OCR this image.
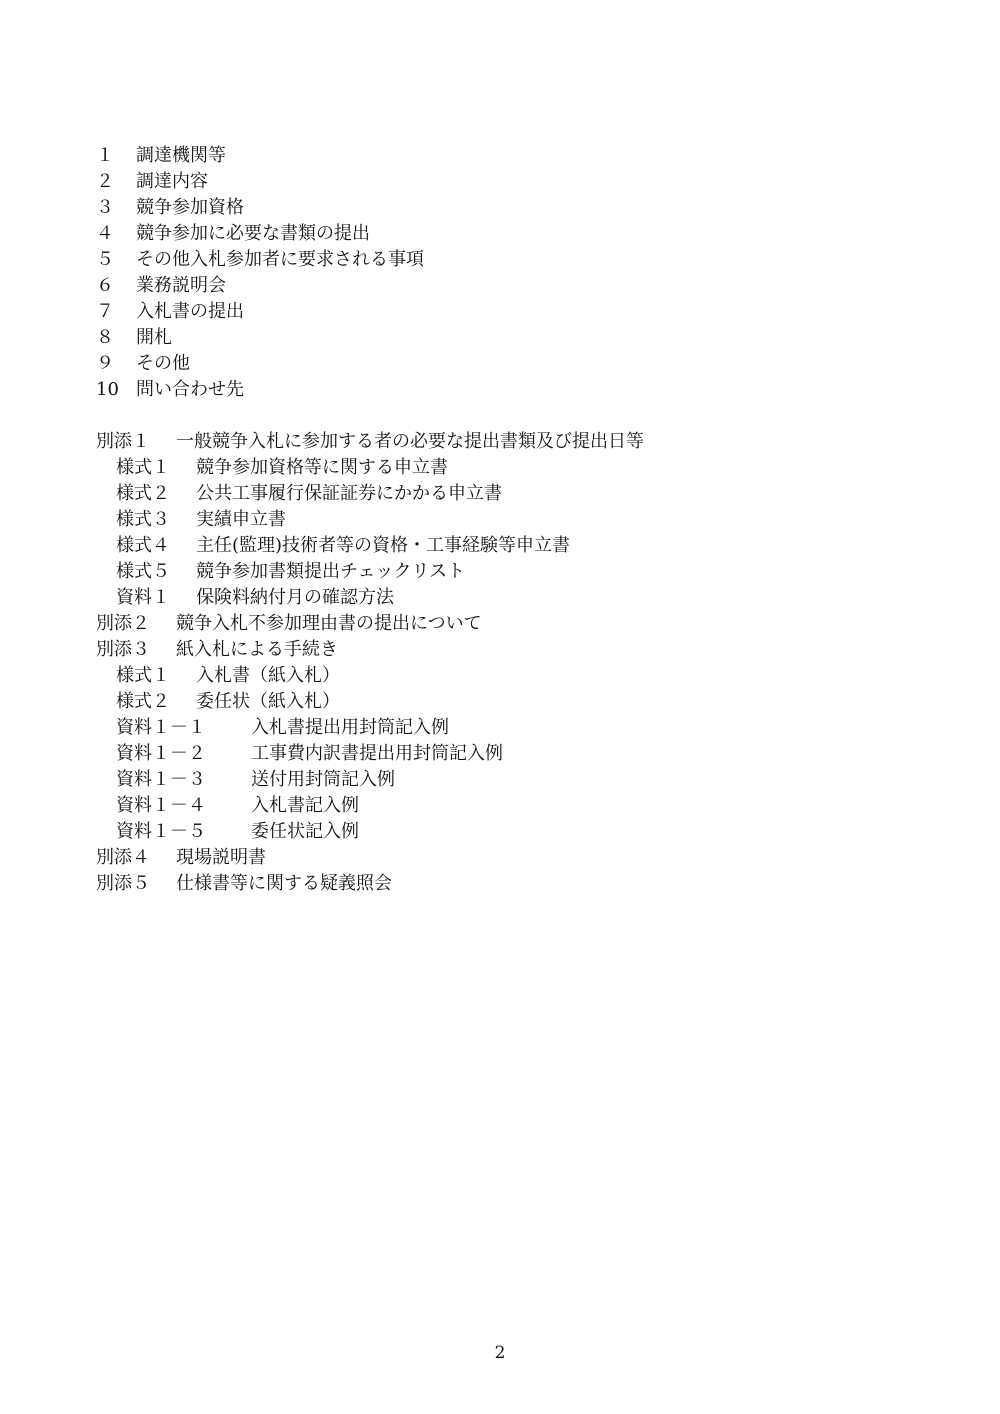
１ 調達機関等
２ 調達内容
３ 競争参加資格
４ 競争参加に必要な書類の提出
５ その他入札参加者に要求される事項
６ 業務説明会
７ 入札書の提出
８ 開札
９ その他
10 問い合わせ先
別添１ 一般競争入札に参加する者の必要な提出書類及び提出日等
様式１ 競争参加資格等に関する申立書
様式２ 公共工事履行保証証券にかかる申立書
様式３ 実績申立書
様式４ 主任(監理)技術者等の資格・工事経験等申立書
様式５ 競争参加書類提出チェックリスト
資料１ 保険料納付月の確認方法
別添２ 競争入札不参加理由書の提出について
別添３ 紙入札による手続き
様式１ 入札書（紙入札）
様式２ 委任状（紙入札）
資料１－１	入札書提出用封筒記入例
資料１－２	工事費内訳書提出用封筒記入例
資料１－３	送付用封筒記入例
資料１－４	入札書記入例
資料１－５	委任状記入例
別添４ 現場説明書
別添５ 仕様書等に関する疑義照会
2
